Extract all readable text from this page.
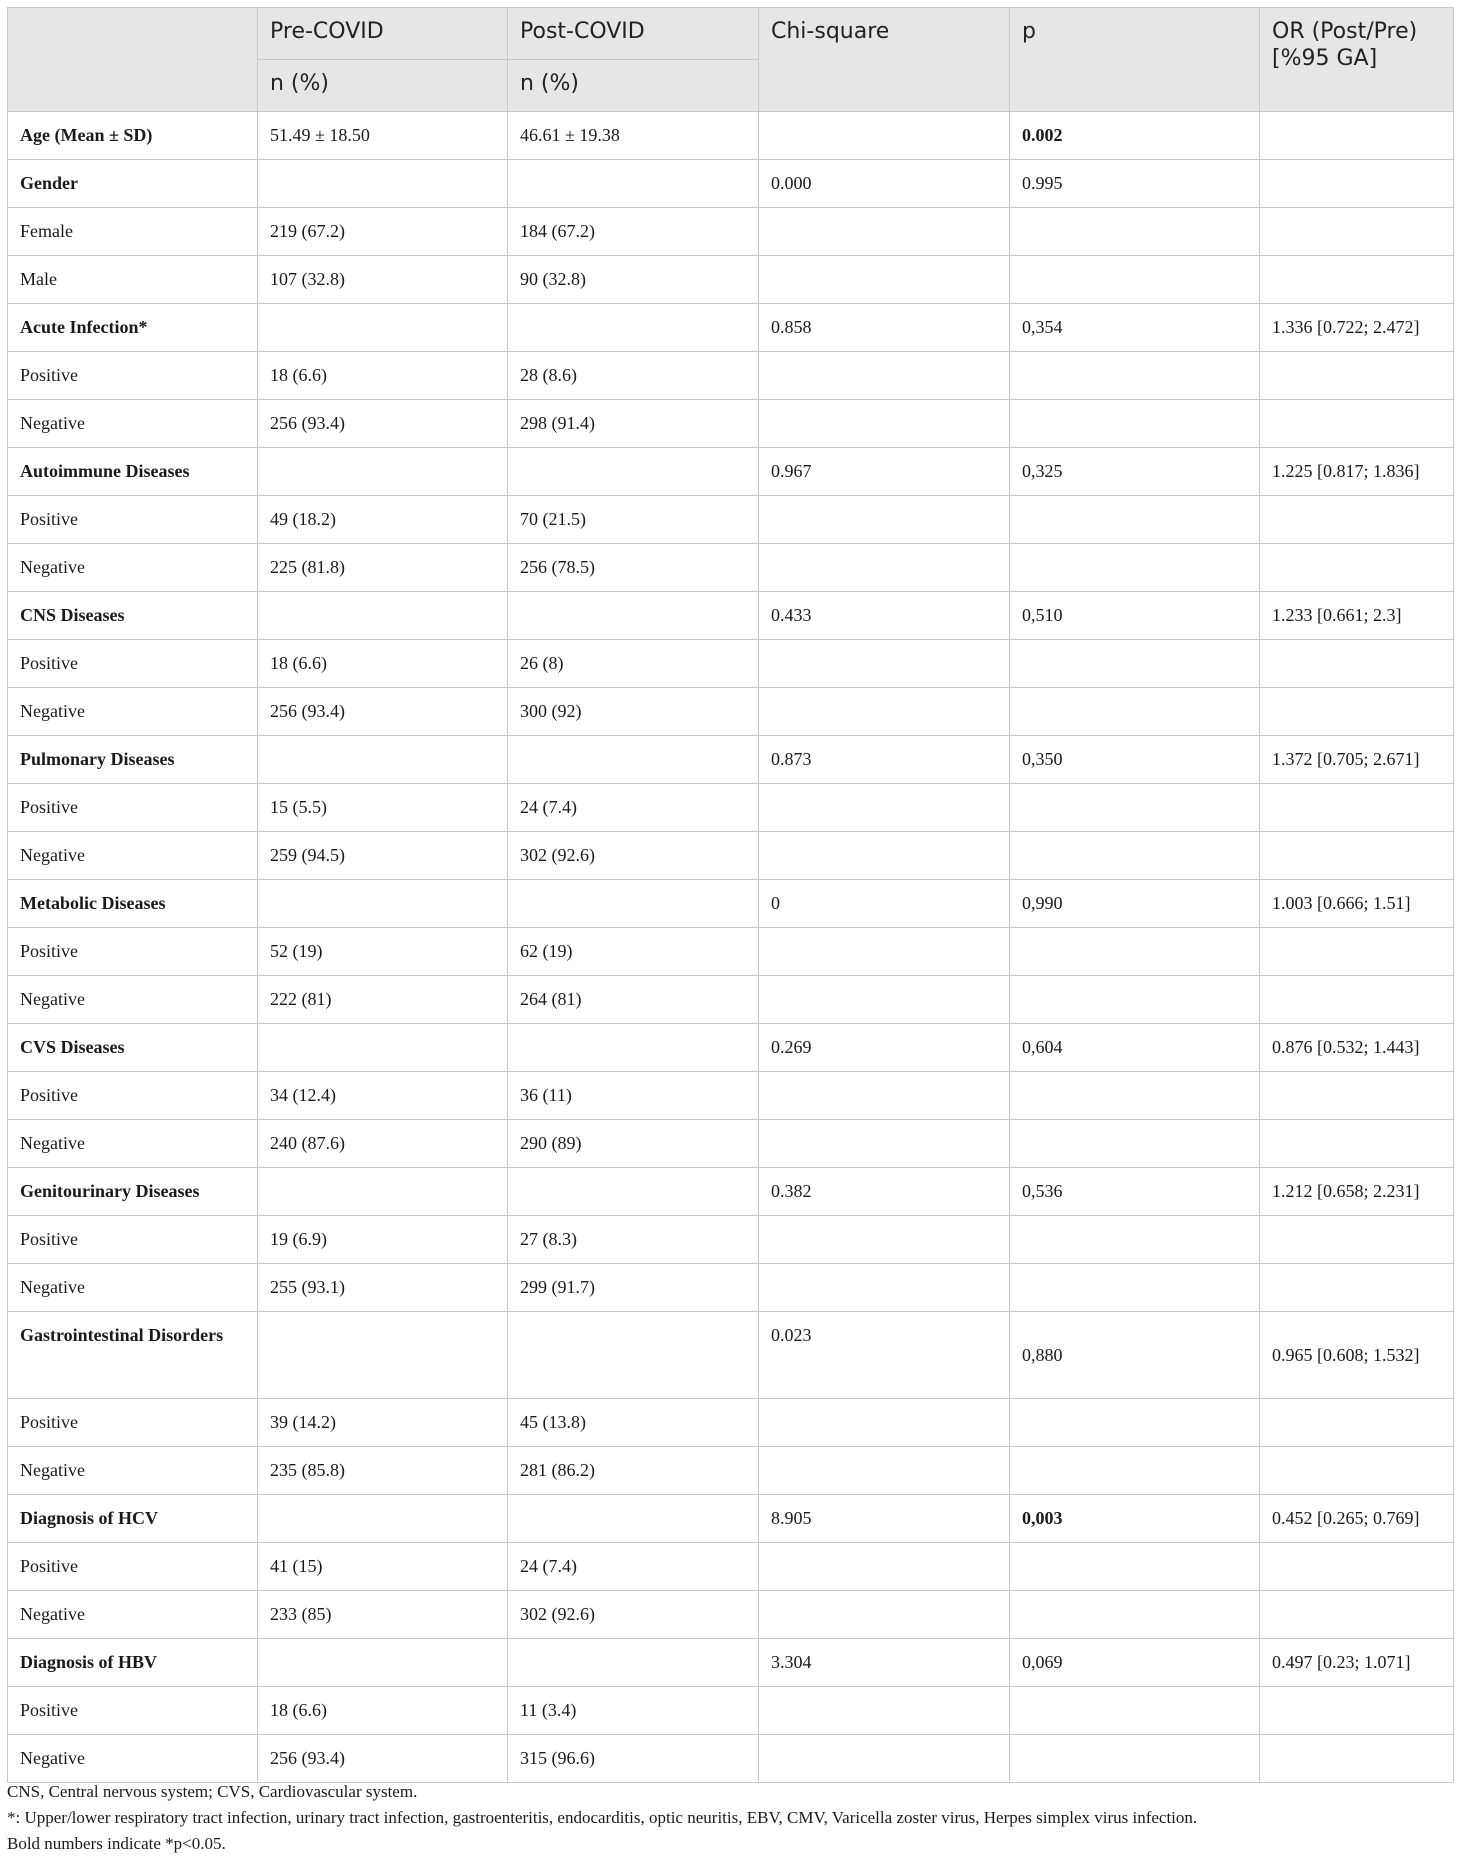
	Pre-COVID	Post-COVID	Chi-square	p	OR (Post/Pre) [%95 GA]
	n (%)	n (%)			
Age (Mean ± SD)	51.49 ± 18.50	46.61 ± 19.38		0.002	
Gender			0.000	0.995	
Female	219 (67.2)	184 (67.2)			
Male	107 (32.8)	90 (32.8)			
Acute Infection*			0.858	0,354	1.336 [0.722; 2.472]
Positive	18 (6.6)	28 (8.6)			
Negative	256 (93.4)	298 (91.4)			
Autoimmune Diseases			0.967	0,325	1.225 [0.817; 1.836]
Positive	49 (18.2)	70 (21.5)			
Negative	225 (81.8)	256 (78.5)			
CNS Diseases			0.433	0,510	1.233 [0.661; 2.3]
Positive	18 (6.6)	26 (8)			
Negative	256 (93.4)	300 (92)			
Pulmonary Diseases			0.873	0,350	1.372 [0.705; 2.671]
Positive	15 (5.5)	24 (7.4)			
Negative	259 (94.5)	302 (92.6)			
Metabolic Diseases			0	0,990	1.003 [0.666; 1.51]
Positive	52 (19)	62 (19)			
Negative	222 (81)	264 (81)			
CVS Diseases			0.269	0,604	0.876 [0.532; 1.443]
Positive	34 (12.4)	36 (11)			
Negative	240 (87.6)	290 (89)			
Genitourinary Diseases			0.382	0,536	1.212 [0.658; 2.231]
Positive	19 (6.9)	27 (8.3)			
Negative	255 (93.1)	299 (91.7)			
Gastrointestinal Disorders			0.023	0,880	0.965 [0.608; 1.532]
Positive	39 (14.2)	45 (13.8)			
Negative	235 (85.8)	281 (86.2)			
Diagnosis of HCV			8.905	0,003	0.452 [0.265; 0.769]
Positive	41 (15)	24 (7.4)			
Negative	233 (85)	302 (92.6)			
Diagnosis of HBV			3.304	0,069	0.497 [0.23; 1.071]
Positive	18 (6.6)	11 (3.4)			
Negative	256 (93.4)	315 (96.6)			
CNS, Central nervous system; CVS, Cardiovascular system.
*: Upper/lower respiratory tract infection, urinary tract infection, gastroenteritis, endocarditis, optic neuritis, EBV, CMV, Varicella zoster virus, Herpes simplex virus infection.
Bold numbers indicate *p<0.05.
